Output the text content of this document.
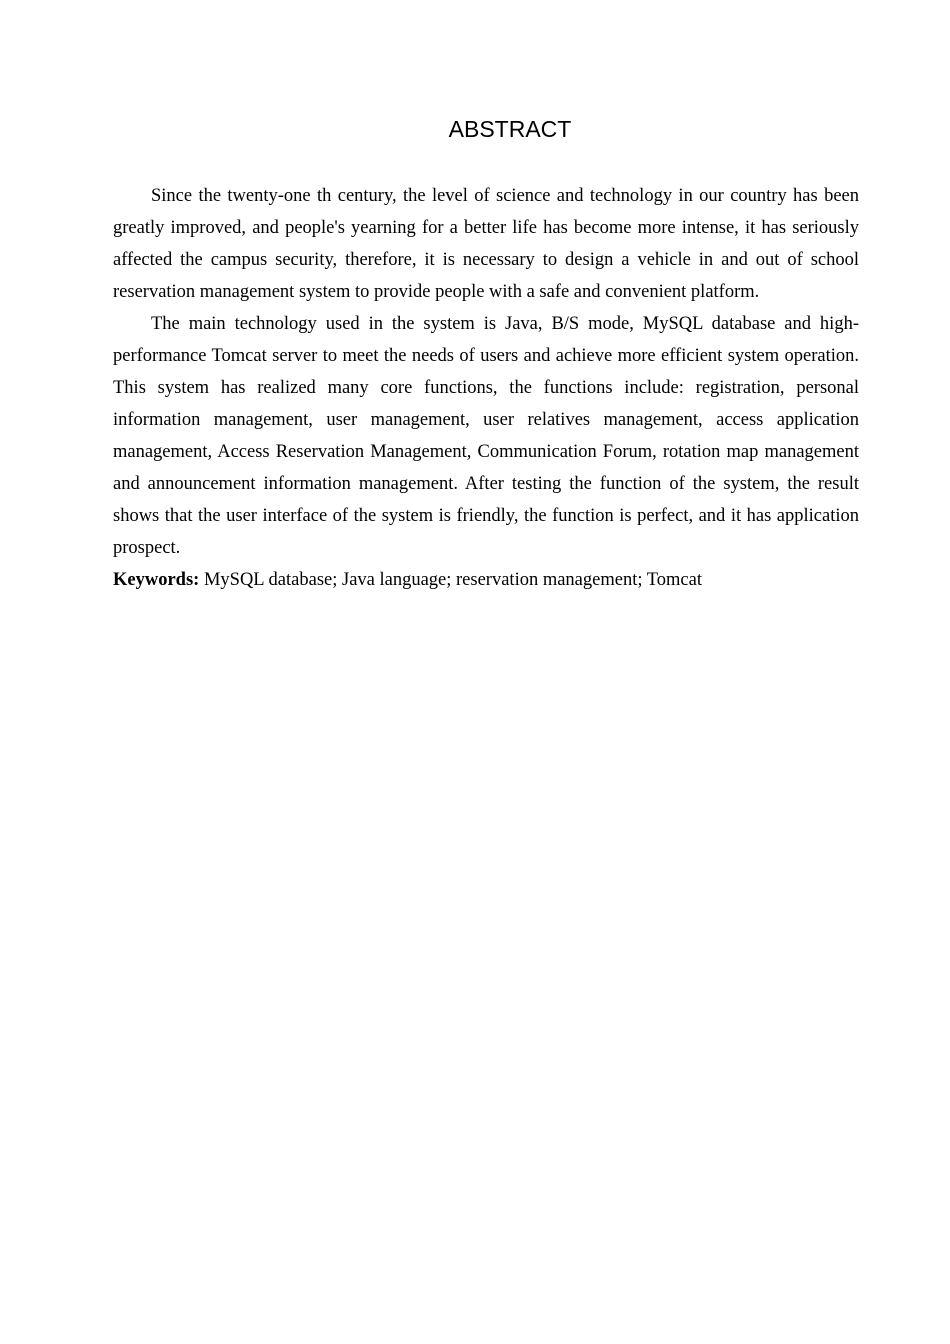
ABSTRACT

Since the twenty-one th century, the level of science and technology in our country has been greatly improved, and people's yearning for a better life has become more intense, it has seriously affected the campus security, therefore, it is necessary to design a vehicle in and out of school reservation management system to provide people with a safe and convenient platform.

The main technology used in the system is Java, B/S mode, MySQL database and high-performance Tomcat server to meet the needs of users and achieve more efficient system operation. This system has realized many core functions, the functions include: registration, personal information management, user management, user relatives management, access application management, Access Reservation Management, Communication Forum, rotation map management and announcement information management. After testing the function of the system, the result shows that the user interface of the system is friendly, the function is perfect, and it has application prospect.

Keywords: MySQL database; Java language; reservation management; Tomcat
